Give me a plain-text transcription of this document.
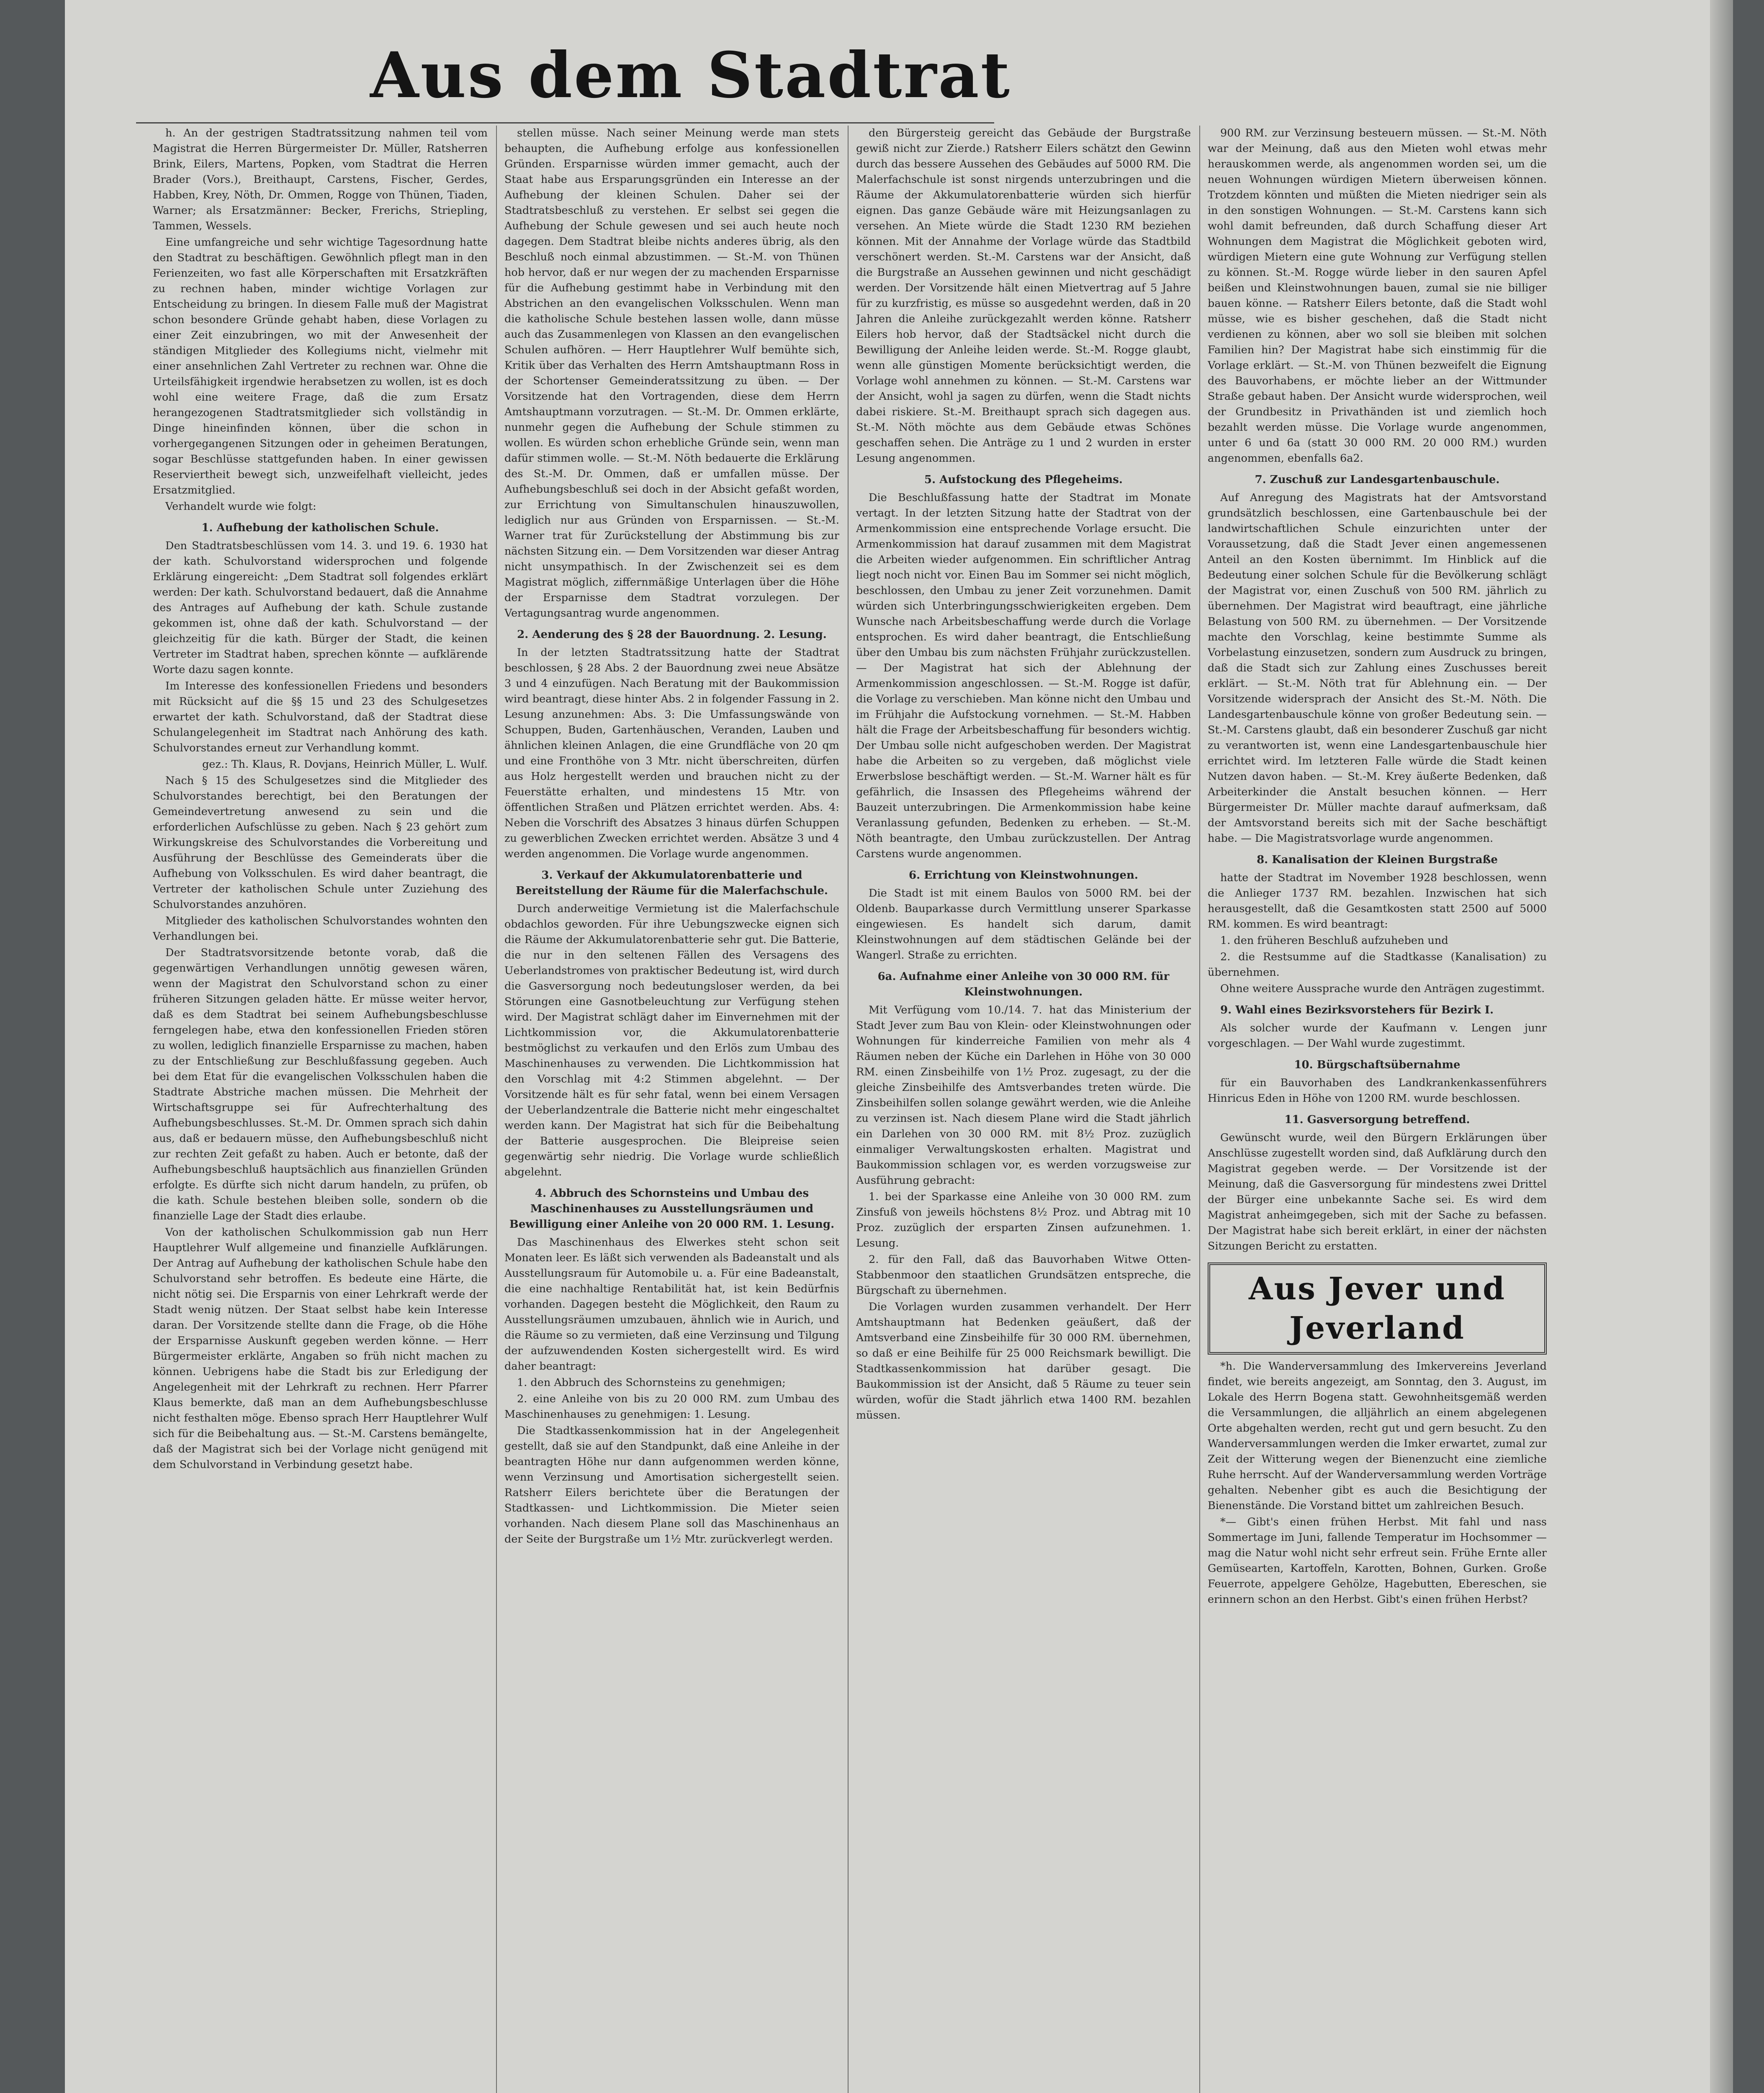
Aus dem Stadtrat

h. An der gestrigen Stadtratssitzung nahmen teil vom Magistrat die Herren Bürgermeister Dr. Müller, Ratsherren Brink, Eilers, Martens, Popken, vom Stadtrat die Herren Brader (Vors.), Breithaupt, Carstens, Fischer, Gerdes, Habben, Krey, Nöth, Dr. Ommen, Rogge von Thünen, Tiaden, Warner; als Ersatzmänner: Becker, Frerichs, Striepling, Tammen, Wessels.

Eine umfangreiche und sehr wichtige Tagesordnung hatte den Stadtrat zu beschäftigen. Gewöhnlich pflegt man in den Ferienzeiten, wo fast alle Körperschaften mit Ersatzkräften zu rechnen haben, minder wichtige Vorlagen zur Entscheidung zu bringen. In diesem Falle muß der Magistrat schon besondere Gründe gehabt haben, diese Vorlagen zu einer Zeit einzubringen, wo mit der Anwesenheit der ständigen Mitglieder des Kollegiums nicht, vielmehr mit einer ansehnlichen Zahl Vertreter zu rechnen war. Ohne die Urteilsfähigkeit irgendwie herabsetzen zu wollen, ist es doch wohl eine weitere Frage, daß die zum Ersatz herangezogenen Stadtratsmitglieder sich vollständig in Dinge hineinfinden können, über die schon in vorhergegangenen Sitzungen oder in geheimen Beratungen, sogar Beschlüsse stattgefunden haben. In einer gewissen Reserviertheit bewegt sich, unzweifelhaft vielleicht, jedes Ersatzmitglied.

Verhandelt wurde wie folgt:

1. Aufhebung der katholischen Schule.

Den Stadtratsbeschlüssen vom 14. 3. und 19. 6. 1930 hat der kath. Schulvorstand widersprochen und folgende Erklärung eingereicht: „Dem Stadtrat soll folgendes erklärt werden: Der kath. Schulvorstand bedauert, daß die Annahme des Antrages auf Aufhebung der kath. Schule zustande gekommen ist, ohne daß der kath. Schulvorstand — der gleichzeitig für die kath. Bürger der Stadt, die keinen Vertreter im Stadtrat haben, sprechen könnte — aufklärende Worte dazu sagen konnte.

Im Interesse des konfessionellen Friedens und besonders mit Rücksicht auf die §§ 15 und 23 des Schulgesetzes erwartet der kath. Schulvorstand, daß der Stadtrat diese Schulangelegenheit im Stadtrat nach Anhörung des kath. Schulvorstandes erneut zur Verhandlung kommt.

gez.: Th. Klaus, R. Dovjans, Heinrich Müller, L. Wulf.

Nach § 15 des Schulgesetzes sind die Mitglieder des Schulvorstandes berechtigt, bei den Beratungen der Gemeindevertretung anwesend zu sein und die erforderlichen Aufschlüsse zu geben. Nach § 23 gehört zum Wirkungskreise des Schulvorstandes die Vorbereitung und Ausführung der Beschlüsse des Gemeinderats über die Aufhebung von Volksschulen. Es wird daher beantragt, die Vertreter der katholischen Schule unter Zuziehung des Schulvorstandes anzuhören.

Mitglieder des katholischen Schulvorstandes wohnten den Verhandlungen bei.

Der Stadtratsvorsitzende betonte vorab, daß die gegenwärtigen Verhandlungen unnötig gewesen wären, wenn der Magistrat den Schulvorstand schon zu einer früheren Sitzungen geladen hätte. Er müsse weiter hervor, daß es dem Stadtrat bei seinem Aufhebungsbeschlusse ferngelegen habe, etwa den konfessionellen Frieden stören zu wollen, lediglich finanzielle Ersparnisse zu machen, haben zu der Entschließung zur Beschlußfassung gegeben. Auch bei dem Etat für die evangelischen Volksschulen haben die Stadtrate Abstriche machen müssen. Die Mehrheit der Wirtschaftsgruppe sei für Aufrechterhaltung des Aufhebungsbeschlusses. St.-M. Dr. Ommen sprach sich dahin aus, daß er bedauern müsse, den Aufhebungsbeschluß nicht zur rechten Zeit gefaßt zu haben. Auch er betonte, daß der Aufhebungsbeschluß hauptsächlich aus finanziellen Gründen erfolgte. Es dürfte sich nicht darum handeln, zu prüfen, ob die kath. Schule bestehen bleiben solle, sondern ob die finanzielle Lage der Stadt dies erlaube.

Von der katholischen Schulkommission gab nun Herr Hauptlehrer Wulf allgemeine und finanzielle Aufklärungen. Der Antrag auf Aufhebung der katholischen Schule habe den Schulvorstand sehr betroffen. Es bedeute eine Härte, die nicht nötig sei. Die Ersparnis von einer Lehrkraft werde der Stadt wenig nützen. Der Staat selbst habe kein Interesse daran. Der Vorsitzende stellte dann die Frage, ob die Höhe der Ersparnisse Auskunft gegeben werden könne. — Herr Bürgermeister erklärte, Angaben so früh nicht machen zu können. Uebrigens habe die Stadt bis zur Erledigung der Angelegenheit mit der Lehrkraft zu rechnen. Herr Pfarrer Klaus bemerkte, daß man an dem Aufhebungsbeschlusse nicht festhalten möge. Ebenso sprach Herr Hauptlehrer Wulf sich für die Beibehaltung aus. — St.-M. Carstens bemängelte, daß der Magistrat sich bei der Vorlage nicht genügend mit dem Schulvorstand in Verbindung gesetzt habe.

stellen müsse. Nach seiner Meinung werde man stets behaupten, die Aufhebung erfolge aus konfessionellen Gründen. Ersparnisse würden immer gemacht, auch der Staat habe aus Ersparungsgründen ein Interesse an der Aufhebung der kleinen Schulen. Daher sei der Stadtratsbeschluß zu verstehen. Er selbst sei gegen die Aufhebung der Schule gewesen und sei auch heute noch dagegen. Dem Stadtrat bleibe nichts anderes übrig, als den Beschluß noch einmal abzustimmen. — St.-M. von Thünen hob hervor, daß er nur wegen der zu machenden Ersparnisse für die Aufhebung gestimmt habe in Verbindung mit den Abstrichen an den evangelischen Volksschulen. Wenn man die katholische Schule bestehen lassen wolle, dann müsse auch das Zusammenlegen von Klassen an den evangelischen Schulen aufhören. — Herr Hauptlehrer Wulf bemühte sich, Kritik über das Verhalten des Herrn Amtshauptmann Ross in der Schortenser Gemeinderatssitzung zu üben. — Der Vorsitzende hat den Vortragenden, diese dem Herrn Amtshauptmann vorzutragen. — St.-M. Dr. Ommen erklärte, nunmehr gegen die Aufhebung der Schule stimmen zu wollen. Es würden schon erhebliche Gründe sein, wenn man dafür stimmen wolle. — St.-M. Nöth bedauerte die Erklärung des St.-M. Dr. Ommen, daß er umfallen müsse. Der Aufhebungsbeschluß sei doch in der Absicht gefaßt worden, zur Errichtung von Simultanschulen hinauszuwollen, lediglich nur aus Gründen von Ersparnissen. — St.-M. Warner trat für Zurückstellung der Abstimmung bis zur nächsten Sitzung ein. — Dem Vorsitzenden war dieser Antrag nicht unsympathisch. In der Zwischenzeit sei es dem Magistrat möglich, ziffernmäßige Unterlagen über die Höhe der Ersparnisse dem Stadtrat vorzulegen. Der Vertagungsantrag wurde angenommen.

2. Aenderung des § 28 der Bauordnung. 2. Lesung.

In der letzten Stadtratssitzung hatte der Stadtrat beschlossen, § 28 Abs. 2 der Bauordnung zwei neue Absätze 3 und 4 einzufügen. Nach Beratung mit der Baukommission wird beantragt, diese hinter Abs. 2 in folgender Fassung in 2. Lesung anzunehmen: Abs. 3: Die Umfassungswände von Schuppen, Buden, Gartenhäuschen, Veranden, Lauben und ähnlichen kleinen Anlagen, die eine Grundfläche von 20 qm und eine Fronthöhe von 3 Mtr. nicht überschreiten, dürfen aus Holz hergestellt werden und brauchen nicht zu der Feuerstätte erhalten, und mindestens 15 Mtr. von öffentlichen Straßen und Plätzen errichtet werden. Abs. 4: Neben die Vorschrift des Absatzes 3 hinaus dürfen Schuppen zu gewerblichen Zwecken errichtet werden. Absätze 3 und 4 werden angenommen. Die Vorlage wurde angenommen.

3. Verkauf der Akkumulatorenbatterie und Bereitstellung der Räume für die Malerfachschule.

Durch anderweitige Vermietung ist die Malerfachschule obdachlos geworden. Für ihre Uebungszwecke eignen sich die Räume der Akkumulatorenbatterie sehr gut. Die Batterie, die nur in den seltenen Fällen des Versagens des Ueberlandstromes von praktischer Bedeutung ist, wird durch die Gasversorgung noch bedeutungsloser werden, da bei Störungen eine Gasnotbeleuchtung zur Verfügung stehen wird. Der Magistrat schlägt daher im Einvernehmen mit der Lichtkommission vor, die Akkumulatorenbatterie bestmöglichst zu verkaufen und den Erlös zum Umbau des Maschinenhauses zu verwenden. Die Lichtkommission hat den Vorschlag mit 4:2 Stimmen abgelehnt. — Der Vorsitzende hält es für sehr fatal, wenn bei einem Versagen der Ueberlandzentrale die Batterie nicht mehr eingeschaltet werden kann. Der Magistrat hat sich für die Beibehaltung der Batterie ausgesprochen. Die Bleipreise seien gegenwärtig sehr niedrig. Die Vorlage wurde schließlich abgelehnt.

4. Abbruch des Schornsteins und Umbau des Maschinenhauses zu Ausstellungsräumen und Bewilligung einer Anleihe von 20 000 RM. 1. Lesung.

Das Maschinenhaus des Elwerkes steht schon seit Monaten leer. Es läßt sich verwenden als Badeanstalt und als Ausstellungsraum für Automobile u. a. Für eine Badeanstalt, die eine nachhaltige Rentabilität hat, ist kein Bedürfnis vorhanden. Dagegen besteht die Möglichkeit, den Raum zu Ausstellungsräumen umzubauen, ähnlich wie in Aurich, und die Räume so zu vermieten, daß eine Verzinsung und Tilgung der aufzuwendenden Kosten sichergestellt wird. Es wird daher beantragt:

1. den Abbruch des Schornsteins zu genehmigen;

2. eine Anleihe von bis zu 20 000 RM. zum Umbau des Maschinenhauses zu genehmigen: 1. Lesung.

Die Stadtkassenkommission hat in der Angelegenheit gestellt, daß sie auf den Standpunkt, daß eine Anleihe in der beantragten Höhe nur dann aufgenommen werden könne, wenn Verzinsung und Amortisation sichergestellt seien. Ratsherr Eilers berichtete über die Beratungen der Stadtkassen- und Lichtkommission. Die Mieter seien vorhanden. Nach diesem Plane soll das Maschinenhaus an der Seite der Burgstraße um 1½ Mtr. zurückverlegt werden.

den Bürgersteig gereicht das Gebäude der Burgstraße gewiß nicht zur Zierde.) Ratsherr Eilers schätzt den Gewinn durch das bessere Aussehen des Gebäudes auf 5000 RM. Die Malerfachschule ist sonst nirgends unterzubringen und die Räume der Akkumulatorenbatterie würden sich hierfür eignen. Das ganze Gebäude wäre mit Heizungsanlagen zu versehen. An Miete würde die Stadt 1230 RM beziehen können. Mit der Annahme der Vorlage würde das Stadtbild verschönert werden. St.-M. Carstens war der Ansicht, daß die Burgstraße an Aussehen gewinnen und nicht geschädigt werden. Der Vorsitzende hält einen Mietvertrag auf 5 Jahre für zu kurzfristig, es müsse so ausgedehnt werden, daß in 20 Jahren die Anleihe zurückgezahlt werden könne. Ratsherr Eilers hob hervor, daß der Stadtsäckel nicht durch die Bewilligung der Anleihe leiden werde. St.-M. Rogge glaubt, wenn alle günstigen Momente berücksichtigt werden, die Vorlage wohl annehmen zu können. — St.-M. Carstens war der Ansicht, wohl ja sagen zu dürfen, wenn die Stadt nichts dabei riskiere. St.-M. Breithaupt sprach sich dagegen aus. St.-M. Nöth möchte aus dem Gebäude etwas Schönes geschaffen sehen. Die Anträge zu 1 und 2 wurden in erster Lesung angenommen.

5. Aufstockung des Pflegeheims.

Die Beschlußfassung hatte der Stadtrat im Monate vertagt. In der letzten Sitzung hatte der Stadtrat von der Armenkommission eine entsprechende Vorlage ersucht. Die Armenkommission hat darauf zusammen mit dem Magistrat die Arbeiten wieder aufgenommen. Ein schriftlicher Antrag liegt noch nicht vor. Einen Bau im Sommer sei nicht möglich, beschlossen, den Umbau zu jener Zeit vorzunehmen. Damit würden sich Unterbringungsschwierigkeiten ergeben. Dem Wunsche nach Arbeitsbeschaffung werde durch die Vorlage entsprochen. Es wird daher beantragt, die Entschließung über den Umbau bis zum nächsten Frühjahr zurückzustellen. — Der Magistrat hat sich der Ablehnung der Armenkommission angeschlossen. — St.-M. Rogge ist dafür, die Vorlage zu verschieben. Man könne nicht den Umbau und im Frühjahr die Aufstockung vornehmen. — St.-M. Habben hält die Frage der Arbeitsbeschaffung für besonders wichtig. Der Umbau solle nicht aufgeschoben werden. Der Magistrat habe die Arbeiten so zu vergeben, daß möglichst viele Erwerbslose beschäftigt werden. — St.-M. Warner hält es für gefährlich, die Insassen des Pflegeheims während der Bauzeit unterzubringen. Die Armenkommission habe keine Veranlassung gefunden, Bedenken zu erheben. — St.-M. Nöth beantragte, den Umbau zurückzustellen. Der Antrag Carstens wurde angenommen.

6. Errichtung von Kleinstwohnungen.

Die Stadt ist mit einem Baulos von 5000 RM. bei der Oldenb. Bauparkasse durch Vermittlung unserer Sparkasse eingewiesen. Es handelt sich darum, damit Kleinstwohnungen auf dem städtischen Gelände bei der Wangerl. Straße zu errichten.

6a. Aufnahme einer Anleihe von 30 000 RM. für Kleinstwohnungen.

Mit Verfügung vom 10./14. 7. hat das Ministerium der Stadt Jever zum Bau von Klein- oder Kleinstwohnungen oder Wohnungen für kinderreiche Familien von mehr als 4 Räumen neben der Küche ein Darlehen in Höhe von 30 000 RM. einen Zinsbeihilfe von 1½ Proz. zugesagt, zu der die gleiche Zinsbeihilfe des Amtsverbandes treten würde. Die Zinsbeihilfen sollen solange gewährt werden, wie die Anleihe zu verzinsen ist. Nach diesem Plane wird die Stadt jährlich ein Darlehen von 30 000 RM. mit 8½ Proz. zuzüglich einmaliger Verwaltungskosten erhalten. Magistrat und Baukommission schlagen vor, es werden vorzugsweise zur Ausführung gebracht:

1. bei der Sparkasse eine Anleihe von 30 000 RM. zum Zinsfuß von jeweils höchstens 8½ Proz. und Abtrag mit 10 Proz. zuzüglich der ersparten Zinsen aufzunehmen. 1. Lesung.

2. für den Fall, daß das Bauvorhaben Witwe Otten-Stabbenmoor den staatlichen Grundsätzen entspreche, die Bürgschaft zu übernehmen.

Die Vorlagen wurden zusammen verhandelt. Der Herr Amtshauptmann hat Bedenken geäußert, daß der Amtsverband eine Zinsbeihilfe für 30 000 RM. übernehmen, so daß er eine Beihilfe für 25 000 Reichsmark bewilligt. Die Stadtkassenkommission hat darüber gesagt. Die Baukommission ist der Ansicht, daß 5 Räume zu teuer sein würden, wofür die Stadt jährlich etwa 1400 RM. bezahlen müssen.

900 RM. zur Verzinsung besteuern müssen. — St.-M. Nöth war der Meinung, daß aus den Mieten wohl etwas mehr herauskommen werde, als angenommen worden sei, um die neuen Wohnungen würdigen Mietern überweisen können. Trotzdem könnten und müßten die Mieten niedriger sein als in den sonstigen Wohnungen. — St.-M. Carstens kann sich wohl damit befreunden, daß durch Schaffung dieser Art Wohnungen dem Magistrat die Möglichkeit geboten wird, würdigen Mietern eine gute Wohnung zur Verfügung stellen zu können. St.-M. Rogge würde lieber in den sauren Apfel beißen und Kleinstwohnungen bauen, zumal sie nie billiger bauen könne. — Ratsherr Eilers betonte, daß die Stadt wohl müsse, wie es bisher geschehen, daß die Stadt nicht verdienen zu können, aber wo soll sie bleiben mit solchen Familien hin? Der Magistrat habe sich einstimmig für die Vorlage erklärt. — St.-M. von Thünen bezweifelt die Eignung des Bauvorhabens, er möchte lieber an der Wittmunder Straße gebaut haben. Der Ansicht wurde widersprochen, weil der Grundbesitz in Privathänden ist und ziemlich hoch bezahlt werden müsse. Die Vorlage wurde angenommen, unter 6 und 6a (statt 30 000 RM. 20 000 RM.) wurden angenommen, ebenfalls 6a2.

7. Zuschuß zur Landesgartenbauschule.

Auf Anregung des Magistrats hat der Amtsvorstand grundsätzlich beschlossen, eine Gartenbauschule bei der landwirtschaftlichen Schule einzurichten unter der Voraussetzung, daß die Stadt Jever einen angemessenen Anteil an den Kosten übernimmt. Im Hinblick auf die Bedeutung einer solchen Schule für die Bevölkerung schlägt der Magistrat vor, einen Zuschuß von 500 RM. jährlich zu übernehmen. Der Magistrat wird beauftragt, eine jährliche Belastung von 500 RM. zu übernehmen. — Der Vorsitzende machte den Vorschlag, keine bestimmte Summe als Vorbelastung einzusetzen, sondern zum Ausdruck zu bringen, daß die Stadt sich zur Zahlung eines Zuschusses bereit erklärt. — St.-M. Nöth trat für Ablehnung ein. — Der Vorsitzende widersprach der Ansicht des St.-M. Nöth. Die Landesgartenbauschule könne von großer Bedeutung sein. — St.-M. Carstens glaubt, daß ein besonderer Zuschuß gar nicht zu verantworten ist, wenn eine Landesgartenbauschule hier errichtet wird. Im letzteren Falle würde die Stadt keinen Nutzen davon haben. — St.-M. Krey äußerte Bedenken, daß Arbeiterkinder die Anstalt besuchen können. — Herr Bürgermeister Dr. Müller machte darauf aufmerksam, daß der Amtsvorstand bereits sich mit der Sache beschäftigt habe. — Die Magistratsvorlage wurde angenommen.

8. Kanalisation der Kleinen Burgstraße

hatte der Stadtrat im November 1928 beschlossen, wenn die Anlieger 1737 RM. bezahlen. Inzwischen hat sich herausgestellt, daß die Gesamtkosten statt 2500 auf 5000 RM. kommen. Es wird beantragt:

1. den früheren Beschluß aufzuheben und

2. die Restsumme auf die Stadtkasse (Kanalisation) zu übernehmen.

Ohne weitere Aussprache wurde den Anträgen zugestimmt.

9. Wahl eines Bezirksvorstehers für Bezirk I.

Als solcher wurde der Kaufmann v. Lengen junr vorgeschlagen. — Der Wahl wurde zugestimmt.

10. Bürgschaftsübernahme

für ein Bauvorhaben des Landkrankenkassenführers Hinricus Eden in Höhe von 1200 RM. wurde beschlossen.

11. Gasversorgung betreffend.

Gewünscht wurde, weil den Bürgern Erklärungen über Anschlüsse zugestellt worden sind, daß Aufklärung durch den Magistrat gegeben werde. — Der Vorsitzende ist der Meinung, daß die Gasversorgung für mindestens zwei Drittel der Bürger eine unbekannte Sache sei. Es wird dem Magistrat anheimgegeben, sich mit der Sache zu befassen. Der Magistrat habe sich bereit erklärt, in einer der nächsten Sitzungen Bericht zu erstatten.

Aus Jever und Jeverland

*h. Die Wanderversammlung des Imkervereins Jeverland findet, wie bereits angezeigt, am Sonntag, den 3. August, im Lokale des Herrn Bogena statt. Gewohnheitsgemäß werden die Versammlungen, die alljährlich an einem abgelegenen Orte abgehalten werden, recht gut und gern besucht. Zu den Wanderversammlungen werden die Imker erwartet, zumal zur Zeit der Witterung wegen der Bienenzucht eine ziemliche Ruhe herrscht. Auf der Wanderversammlung werden Vorträge gehalten. Nebenher gibt es auch die Besichtigung der Bienenstände. Die Vorstand bittet um zahlreichen Besuch.

*— Gibt's einen frühen Herbst. Mit fahl und nass Sommertage im Juni, fallende Temperatur im Hochsommer — mag die Natur wohl nicht sehr erfreut sein. Frühe Ernte aller Gemüsearten, Kartoffeln, Karotten, Bohnen, Gurken. Große Feuerrote, appelgere Gehölze, Hagebutten, Ebereschen, sie erinnern schon an den Herbst. Gibt's einen frühen Herbst?
